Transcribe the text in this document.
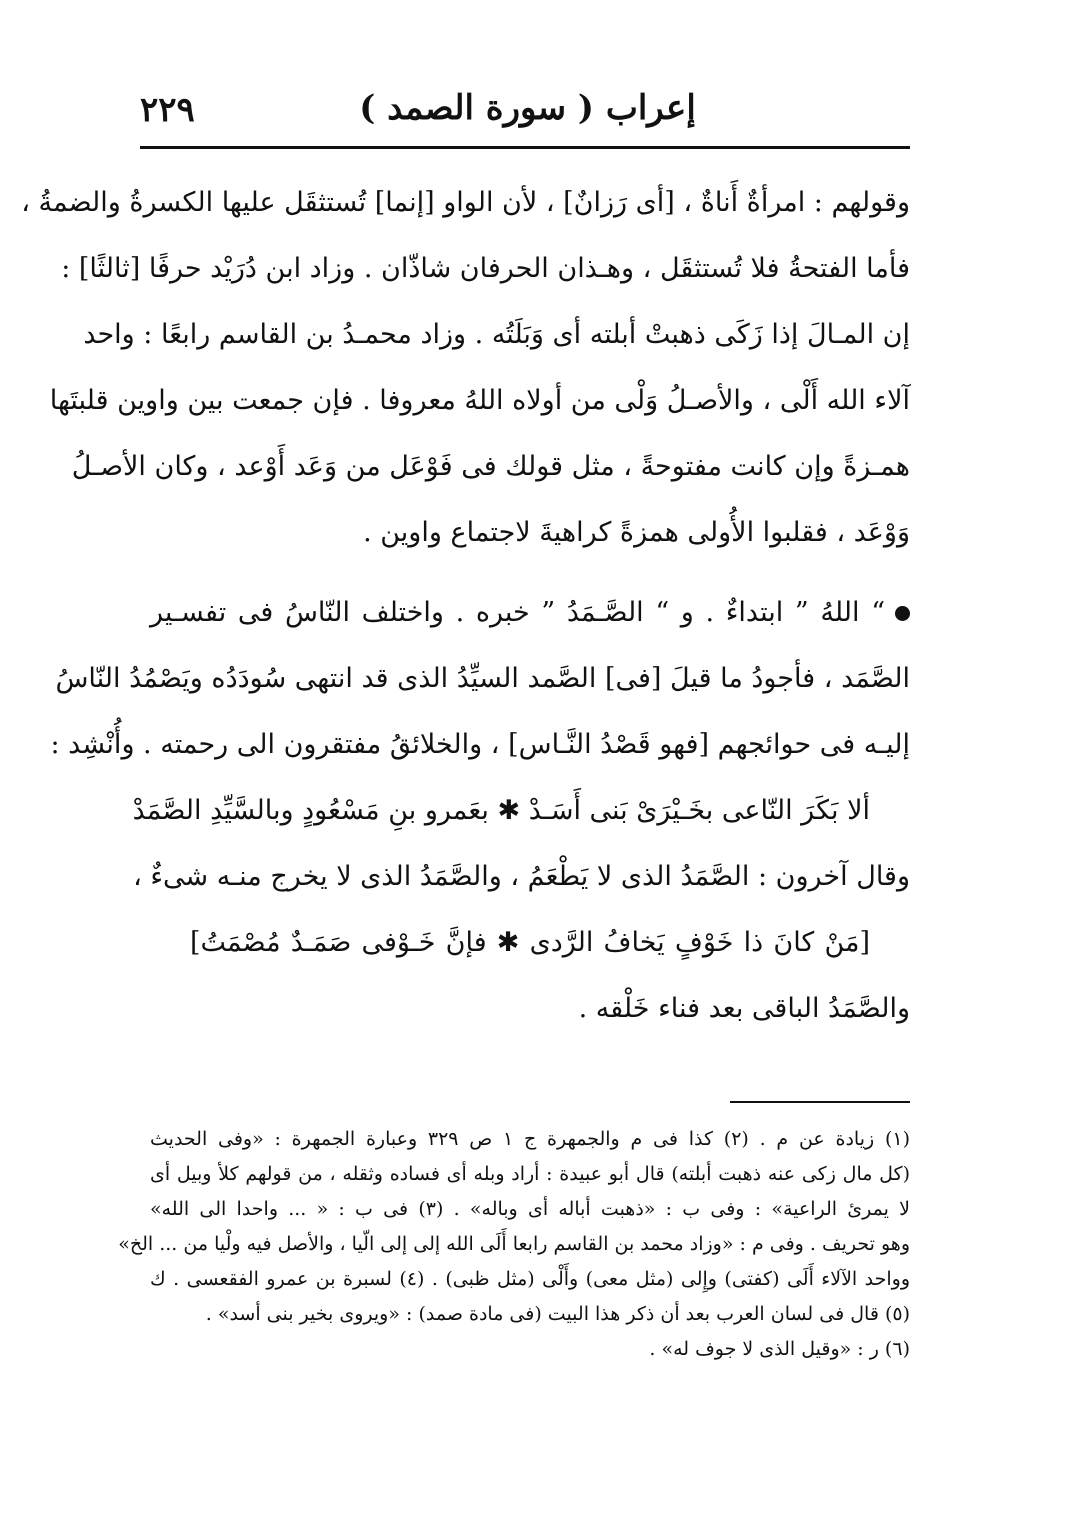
٢٢٩	إعراب ( سورة الصمد )
وقولهم : امرأةٌ أَناةٌ ، [أى رَزانٌ] ، لأن الواو [إنما] تُستثقَل عليها الكسرةُ والضمةُ ،
فأما الفتحةُ فلا تُستثقَل ، وهـذان الحرفان شاذّان . وزاد ابن دُرَيْد حرفًا [ثالثًا] :
إن المـالَ إذا زَكَى ذهبتْ أبلته أى وَبَلَتُه . وزاد محمـدُ بن القاسم رابعًا : واحد
آلاء الله أَلْى ، والأصـلُ وَلْى من أولاه اللهُ معروفا . فإن جمعت بين واوين قلبتَها
همـزةً وإن كانت مفتوحةً ، مثل قولك فى فَوْعَل من وَعَد أَوْعد ، وكان الأصـلُ
وَوْعَد ، فقلبوا الأُولى همزةً كراهيةَ لاجتماع واوين .
“ اللهُ ” ابتداءٌ . و “ الصَّـمَدُ ” خبره . واختلف النّاسُ فى تفسـير
الصَّمَد ، فأجودُ ما قيلَ [فى] الصَّمد السيِّدُ الذى قد انتهى سُودَدُه ويَصْمُدُ النّاسُ
إليـه فى حوائجهم [فهو قَصْدُ النَّـاس] ، والخلائقُ مفتقرون الى رحمته . وأُنْشِد :
ألا بَكَرَ النّاعى بخَـيْرَىْ بَنى أَسَـدْ ✱ بعَمرو بنِ مَسْعُودٍ وبالسَّيِّدِ الصَّمَدْ
وقال آخرون : الصَّمَدُ الذى لا يَطْعَمُ ، والصَّمَدُ الذى لا يخرج منـه شىءٌ ،
[مَنْ كانَ ذا خَوْفٍ يَخافُ الرَّدى ✱ فإنَّ خَـوْفى صَمَـدٌ مُصْمَتُ]
والصَّمَدُ الباقى بعد فناء خَلْقه .
(١) زيادة عن م . (٢) كذا فى م والجمهرة ج ١ ص ٣٢٩ وعبارة الجمهرة : «وفى الحديث
(كل مال زكى عنه ذهبت أبلته) قال أبو عبيدة : أراد وبله أى فساده وثقله ، من قولهم كلأ وبيل أى
لا يمرئ الراعية» : وفى ب : «ذهبت أباله أى وباله» . (٣) فى ب : « ... واحدا الى الله»
وهو تحريف . وفى م : «وزاد محمد بن القاسم رابعا أَلَى الله إلى إلى الّيا ، والأصل فيه ولْيا من ... الخ»
وواحد الآلاء أَلَى (كفتى) وإِلى (مثل معى) وأَلْى (مثل ظبى) . (٤) لسبرة بن عمرو الفقعسى . ك
(٥) قال فى لسان العرب بعد أن ذكر هذا البيت (فى مادة صمد) : «ويروى بخير بنى أسد» .
(٦) ر : «وقيل الذى لا جوف له» .
